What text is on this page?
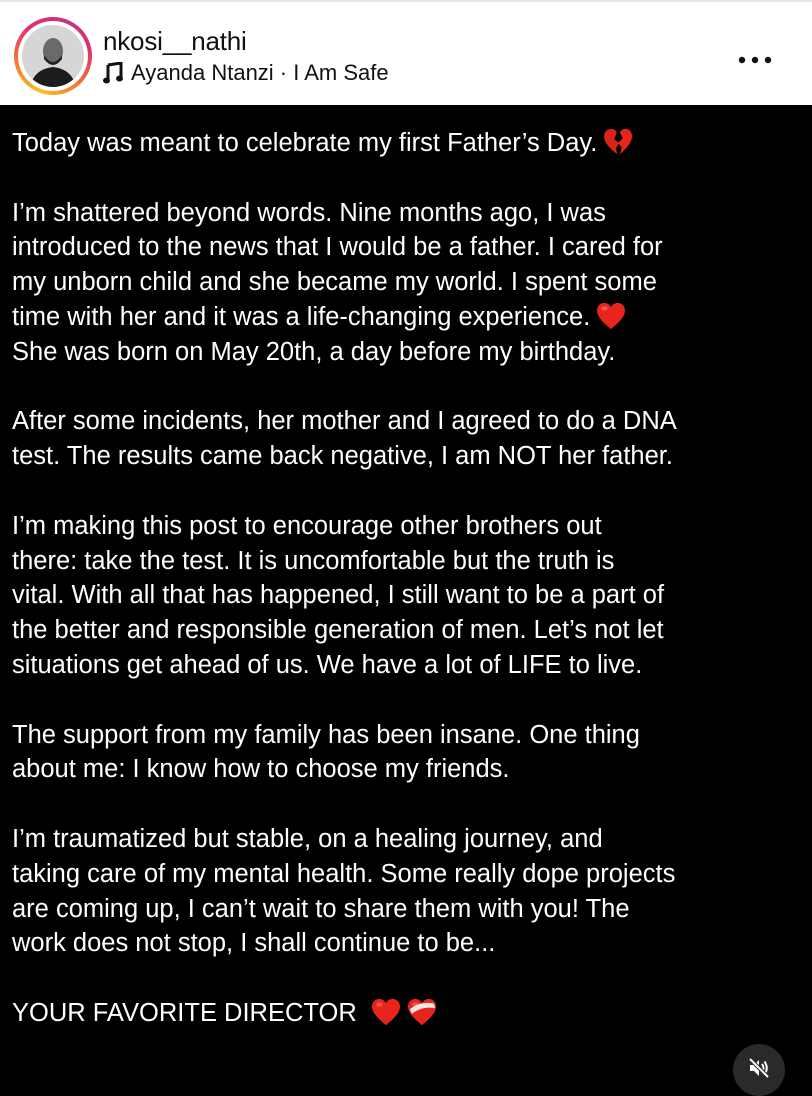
nkosi__nathi
Ayanda Ntanzi · I Am Safe
Today was meant to celebrate my first Father’s Day.
I’m shattered beyond words. Nine months ago, I was
introduced to the news that I would be a father. I cared for
my unborn child and she became my world. I spent some
time with her and it was a life-changing experience.
She was born on May 20th, a day before my birthday.
After some incidents, her mother and I agreed to do a DNA
test. The results came back negative, I am NOT her father.
I’m making this post to encourage other brothers out
there: take the test. It is uncomfortable but the truth is
vital. With all that has happened, I still want to be a part of
the better and responsible generation of men. Let’s not let
situations get ahead of us. We have a lot of LIFE to live.
The support from my family has been insane. One thing
about me: I know how to choose my friends.
I’m traumatized but stable, on a healing journey, and
taking care of my mental health. Some really dope projects
are coming up, I can’t wait to share them with you! The
work does not stop, I shall continue to be...
YOUR FAVORITE DIRECTOR
